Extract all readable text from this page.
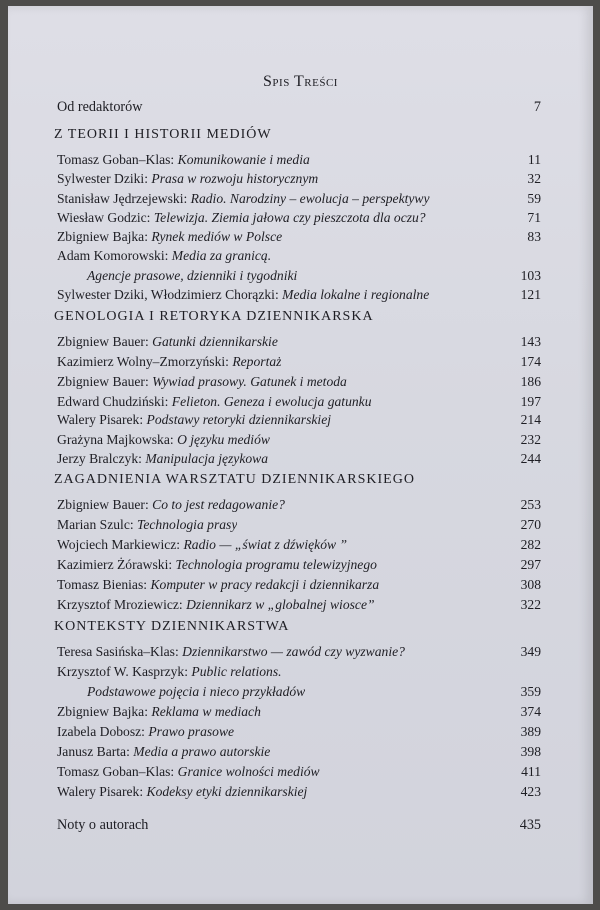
Spis Treści
Od redaktorów	7
Z TEORII I HISTORII MEDIÓW
Tomasz Goban–Klas: Komunikowanie i media	11
Sylwester Dziki: Prasa w rozwoju historycznym	32
Stanisław Jędrzejewski: Radio. Narodziny – ewolucja – perspektywy	59
Wiesław Godzic: Telewizja. Ziemia jałowa czy pieszczota dla oczu?	71
Zbigniew Bajka: Rynek mediów w Polsce	83
Adam Komorowski: Media za granicą.
Agencje prasowe, dzienniki i tygodniki	103
Sylwester Dziki, Włodzimierz Chorązki: Media lokalne i regionalne	121
GENOLOGIA I RETORYKA DZIENNIKARSKA
Zbigniew Bauer: Gatunki dziennikarskie	143
Kazimierz Wolny–Zmorzyński: Reportaż	174
Zbigniew Bauer: Wywiad prasowy. Gatunek i metoda	186
Edward Chudziński: Felieton. Geneza i ewolucja gatunku	197
Walery Pisarek: Podstawy retoryki dziennikarskiej	214
Grażyna Majkowska: O języku mediów	232
Jerzy Bralczyk: Manipulacja językowa	244
ZAGADNIENIA WARSZTATU DZIENNIKARSKIEGO
Zbigniew Bauer: Co to jest redagowanie?	253
Marian Szulc: Technologia prasy	270
Wojciech Markiewicz: Radio — „świat z dźwięków ”	282
Kazimierz Żórawski: Technologia programu telewizyjnego	297
Tomasz Bienias: Komputer w pracy redakcji i dziennikarza	308
Krzysztof Mroziewicz: Dziennikarz w „globalnej wiosce”	322
KONTEKSTY DZIENNIKARSTWA
Teresa Sasińska–Klas: Dziennikarstwo — zawód czy wyzwanie?	349
Krzysztof W. Kasprzyk: Public relations.
Podstawowe pojęcia i nieco przykładów	359
Zbigniew Bajka: Reklama w mediach	374
Izabela Dobosz: Prawo prasowe	389
Janusz Barta: Media a prawo autorskie	398
Tomasz Goban–Klas: Granice wolności mediów	411
Walery Pisarek: Kodeksy etyki dziennikarskiej	423
Noty o autorach	435
